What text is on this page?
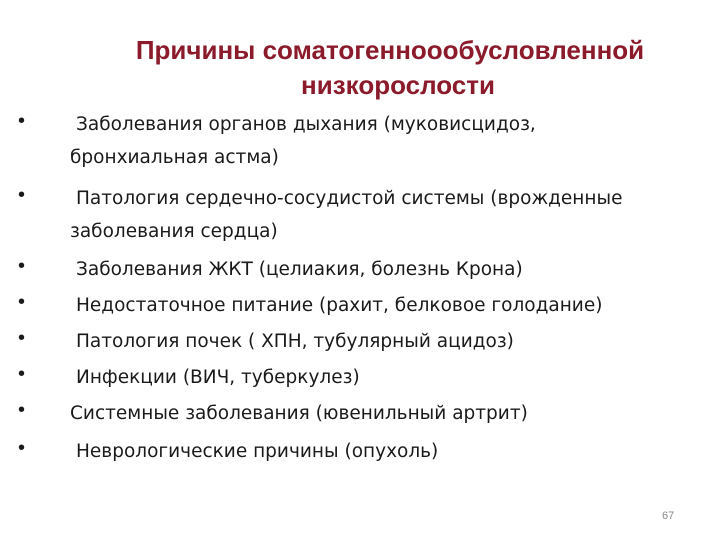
Причины соматогенноообусловленной
низкорослости
•	Заболевания органов дыхания (муковисцидоз,
бронхиальная астма)
•	Патология сердечно-сосудистой системы (врожденные
заболевания сердца)
•	Заболевания ЖКТ (целиакия, болезнь Крона)
•	Недостаточное питание (рахит, белковое голодание)
•	Патология почек ( ХПН, тубулярный ацидоз)
•	Инфекции (ВИЧ, туберкулез)
• Системные заболевания (ювенильный артрит)
•	Неврологические причины (опухоль)
67
